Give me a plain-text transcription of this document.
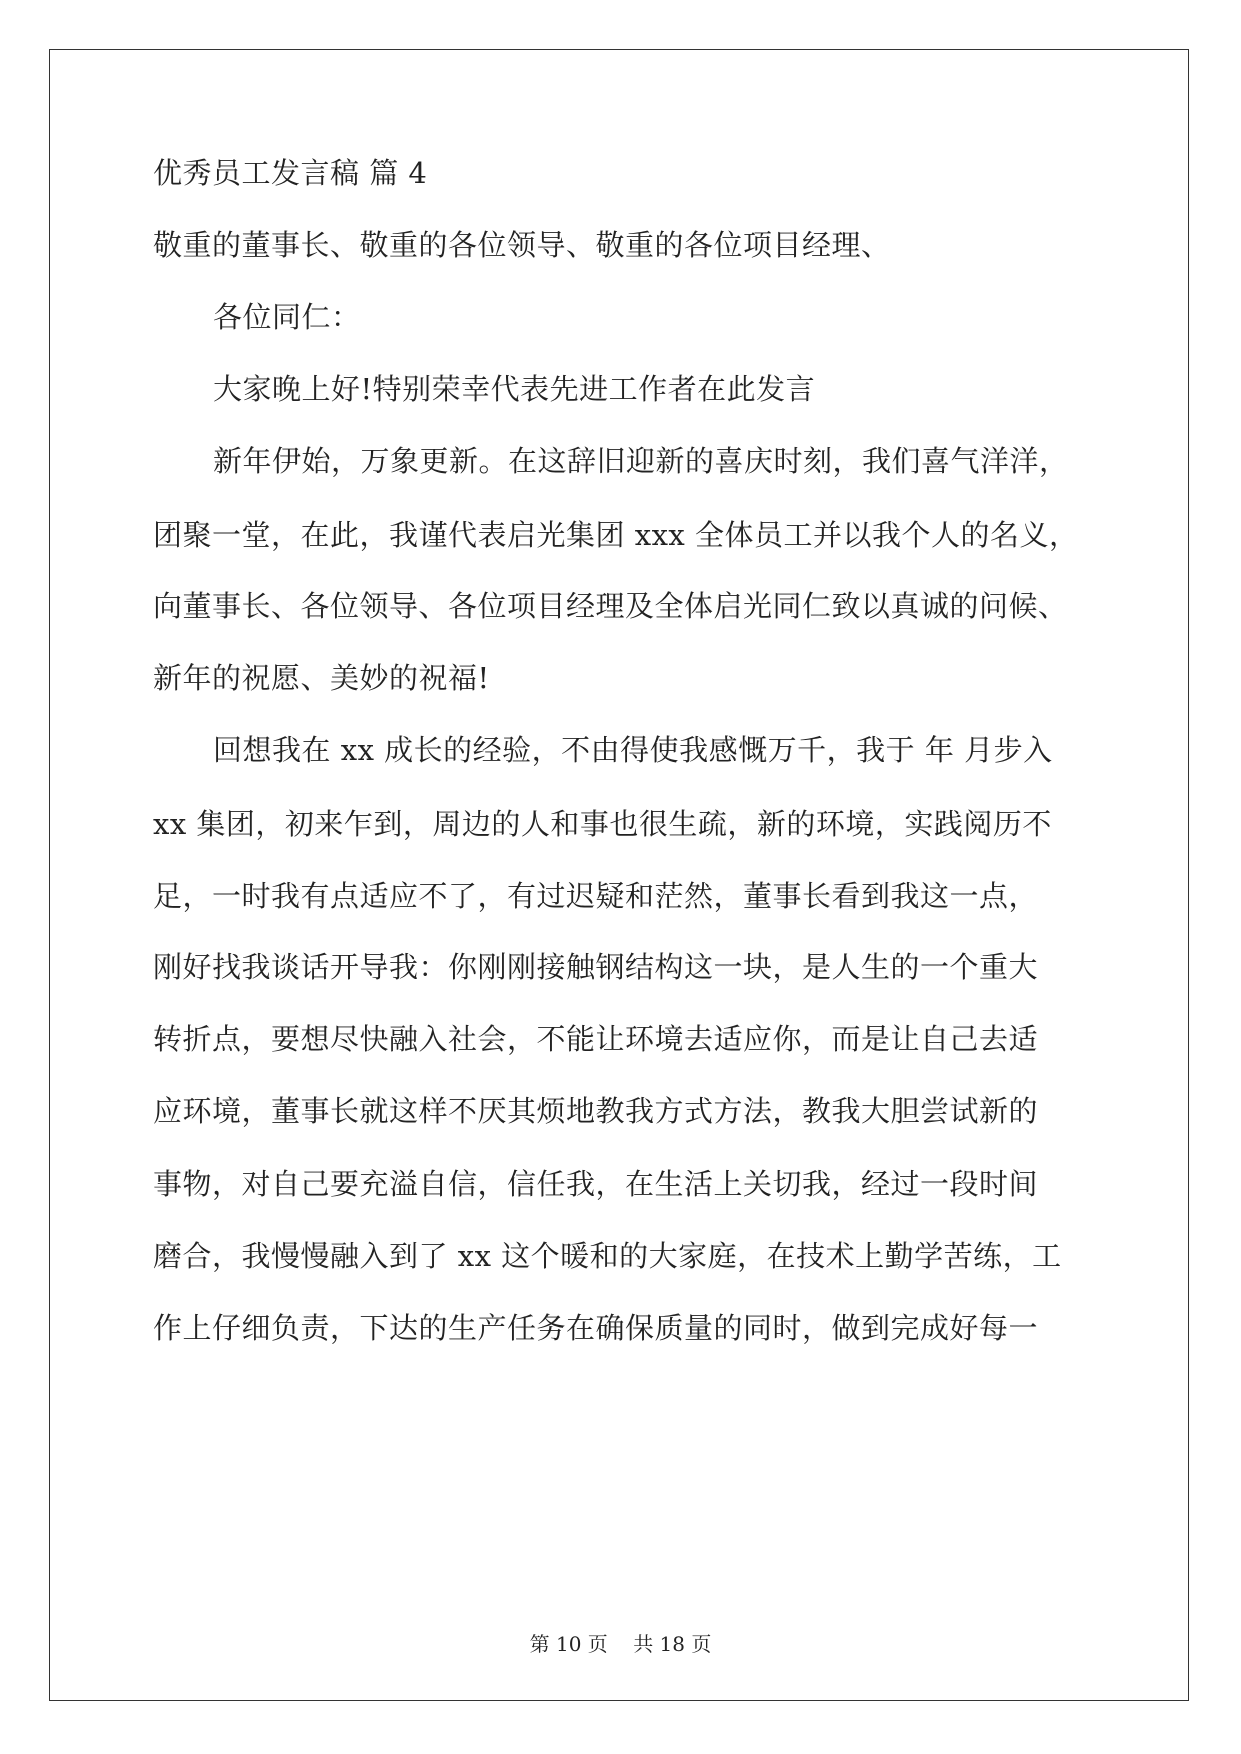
优秀员工发言稿 篇 4
敬重的董事长、敬重的各位领导、敬重的各位项目经理、
各位同仁：
大家晚上好!特别荣幸代表先进工作者在此发言
新年伊始，万象更新。在这辞旧迎新的喜庆时刻，我们喜气洋洋，
团聚一堂，在此，我谨代表启光集团 xxx 全体员工并以我个人的名义，
向董事长、各位领导、各位项目经理及全体启光同仁致以真诚的问候、
新年的祝愿、美妙的祝福!
回想我在 xx 成长的经验，不由得使我感慨万千，我于 年 月步入
xx 集团，初来乍到，周边的人和事也很生疏，新的环境，实践阅历不
足，一时我有点适应不了，有过迟疑和茫然，董事长看到我这一点，
刚好找我谈话开导我：你刚刚接触钢结构这一块，是人生的一个重大
转折点，要想尽快融入社会，不能让环境去适应你，而是让自己去适
应环境，董事长就这样不厌其烦地教我方式方法，教我大胆尝试新的
事物，对自己要充溢自信，信任我，在生活上关切我，经过一段时间
磨合，我慢慢融入到了 xx 这个暖和的大家庭，在技术上勤学苦练，工
作上仔细负责，下达的生产任务在确保质量的同时，做到完成好每一
第 10 页    共 18 页
